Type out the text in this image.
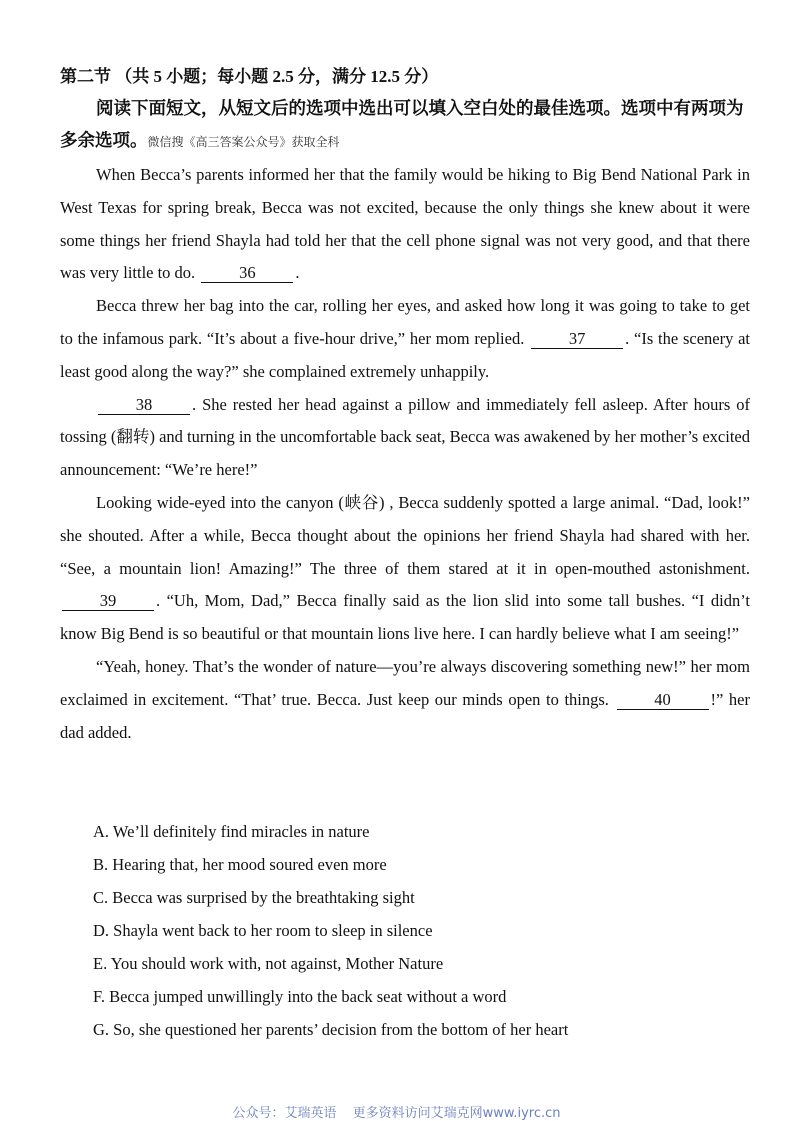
第二节 （共 5 小题；每小题 2.5 分，满分 12.5 分）
阅读下面短文，从短文后的选项中选出可以填入空白处的最佳选项。选项中有两项为多余选项。微信搜《高三答案公众号》获取全科

When Becca’s parents informed her that the family would be hiking to Big Bend National Park in West Texas for spring break, Becca was not excited, because the only things she knew about it were some things her friend Shayla had told her that the cell phone signal was not very good, and that there was very little to do.	36 .

Becca threw her bag into the car, rolling her eyes, and asked how long it was going to take to get to the infamous park. “It’s about a five-hour drive,” her mom replied.	37 . “Is the scenery at least good along the way?” she complained extremely unhappily.

38 . She rested her head against a pillow and immediately fell asleep. After hours of tossing (翻转) and turning in the uncomfortable back seat, Becca was awakened by her mother’s excited announcement: “We’re here!”

Looking wide-eyed into the canyon (峡谷) , Becca suddenly spotted a large animal. “Dad, look!” she shouted. After a while, Becca thought about the opinions her friend Shayla had shared with her. “See, a mountain lion! Amazing!” The three of them stared at it in open-mouthed astonishment. 39 . “Uh, Mom, Dad,” Becca finally said as the lion slid into some tall bushes. “I didn’t know Big Bend is so beautiful or that mountain lions live here. I can hardly believe what I am seeing!”

“Yeah, honey. That’s the wonder of nature—you’re always discovering something new!” her mom exclaimed in excitement. “That’ true. Becca. Just keep our minds open to things.	40 !” her dad added.

A. We’ll definitely find miracles in nature
B. Hearing that, her mood soured even more
C. Becca was surprised by the breathtaking sight
D. Shayla went back to her room to sleep in silence
E. You should work with, not against, Mother Nature
F. Becca jumped unwillingly into the back seat without a word
G. So, she questioned her parents’ decision from the bottom of her heart
公众号：艾瑞英语 更多资料访问艾瑞克网www.iyrc.cn
